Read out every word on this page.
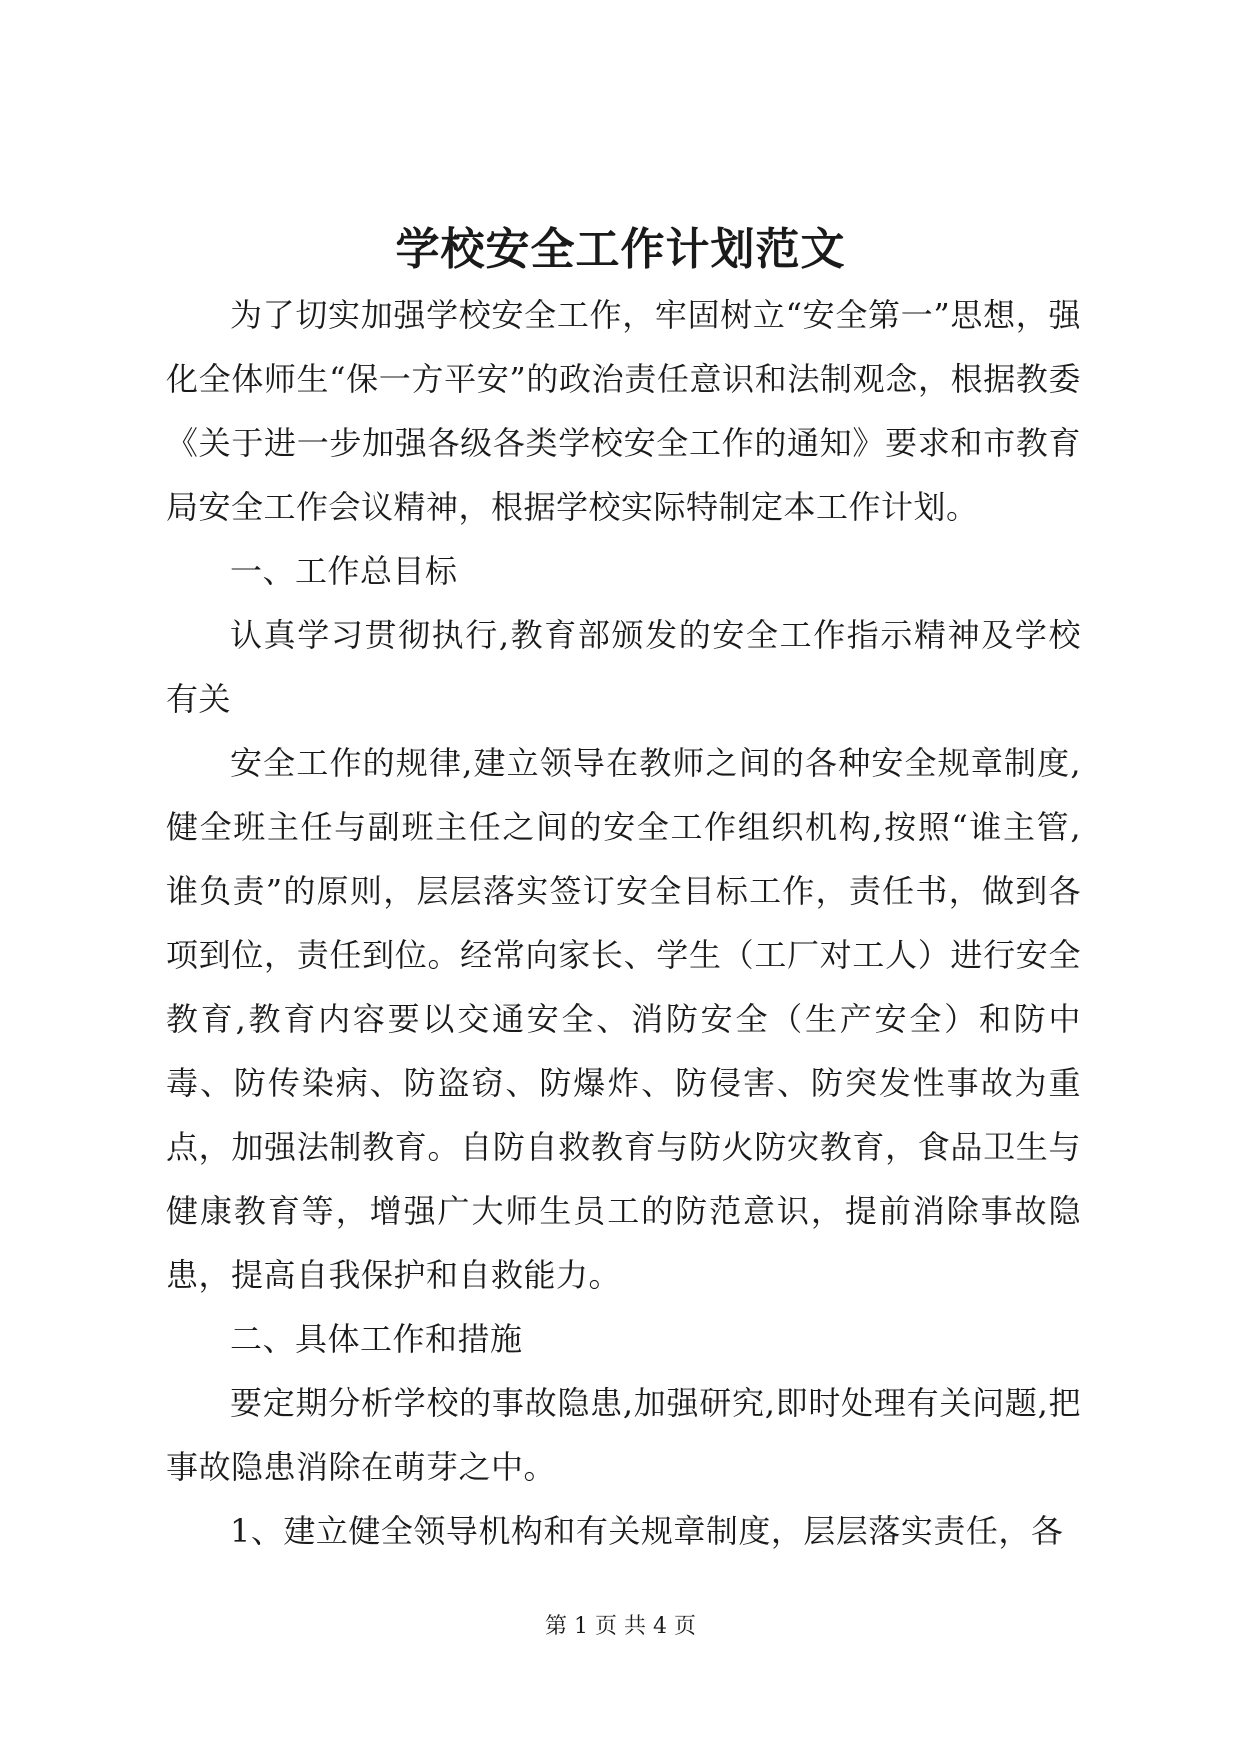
学校安全工作计划范文

为了切实加强学校安全工作，牢固树立“安全第一”思想，强化全体师生“保一方平安”的政治责任意识和法制观念，根据教委《关于进一步加强各级各类学校安全工作的通知》要求和市教育局安全工作会议精神，根据学校实际特制定本工作计划。

一、工作总目标

认真学习贯彻执行,教育部颁发的安全工作指示精神及学校有关

安全工作的规律,建立领导在教师之间的各种安全规章制度,健全班主任与副班主任之间的安全工作组织机构,按照“谁主管,谁负责”的原则，层层落实签订安全目标工作，责任书，做到各项到位，责任到位。经常向家长、学生（工厂对工人）进行安全教育,教育内容要以交通安全、消防安全（生产安全）和防中毒、防传染病、防盗窃、防爆炸、防侵害、防突发性事故为重点，加强法制教育。自防自救教育与防火防灾教育，食品卫生与健康教育等，增强广大师生员工的防范意识，提前消除事故隐患，提高自我保护和自救能力。

二、具体工作和措施

要定期分析学校的事故隐患,加强研究,即时处理有关问题,把事故隐患消除在萌芽之中。

1、建立健全领导机构和有关规章制度，层层落实责任，各

第 1 页 共 4 页
